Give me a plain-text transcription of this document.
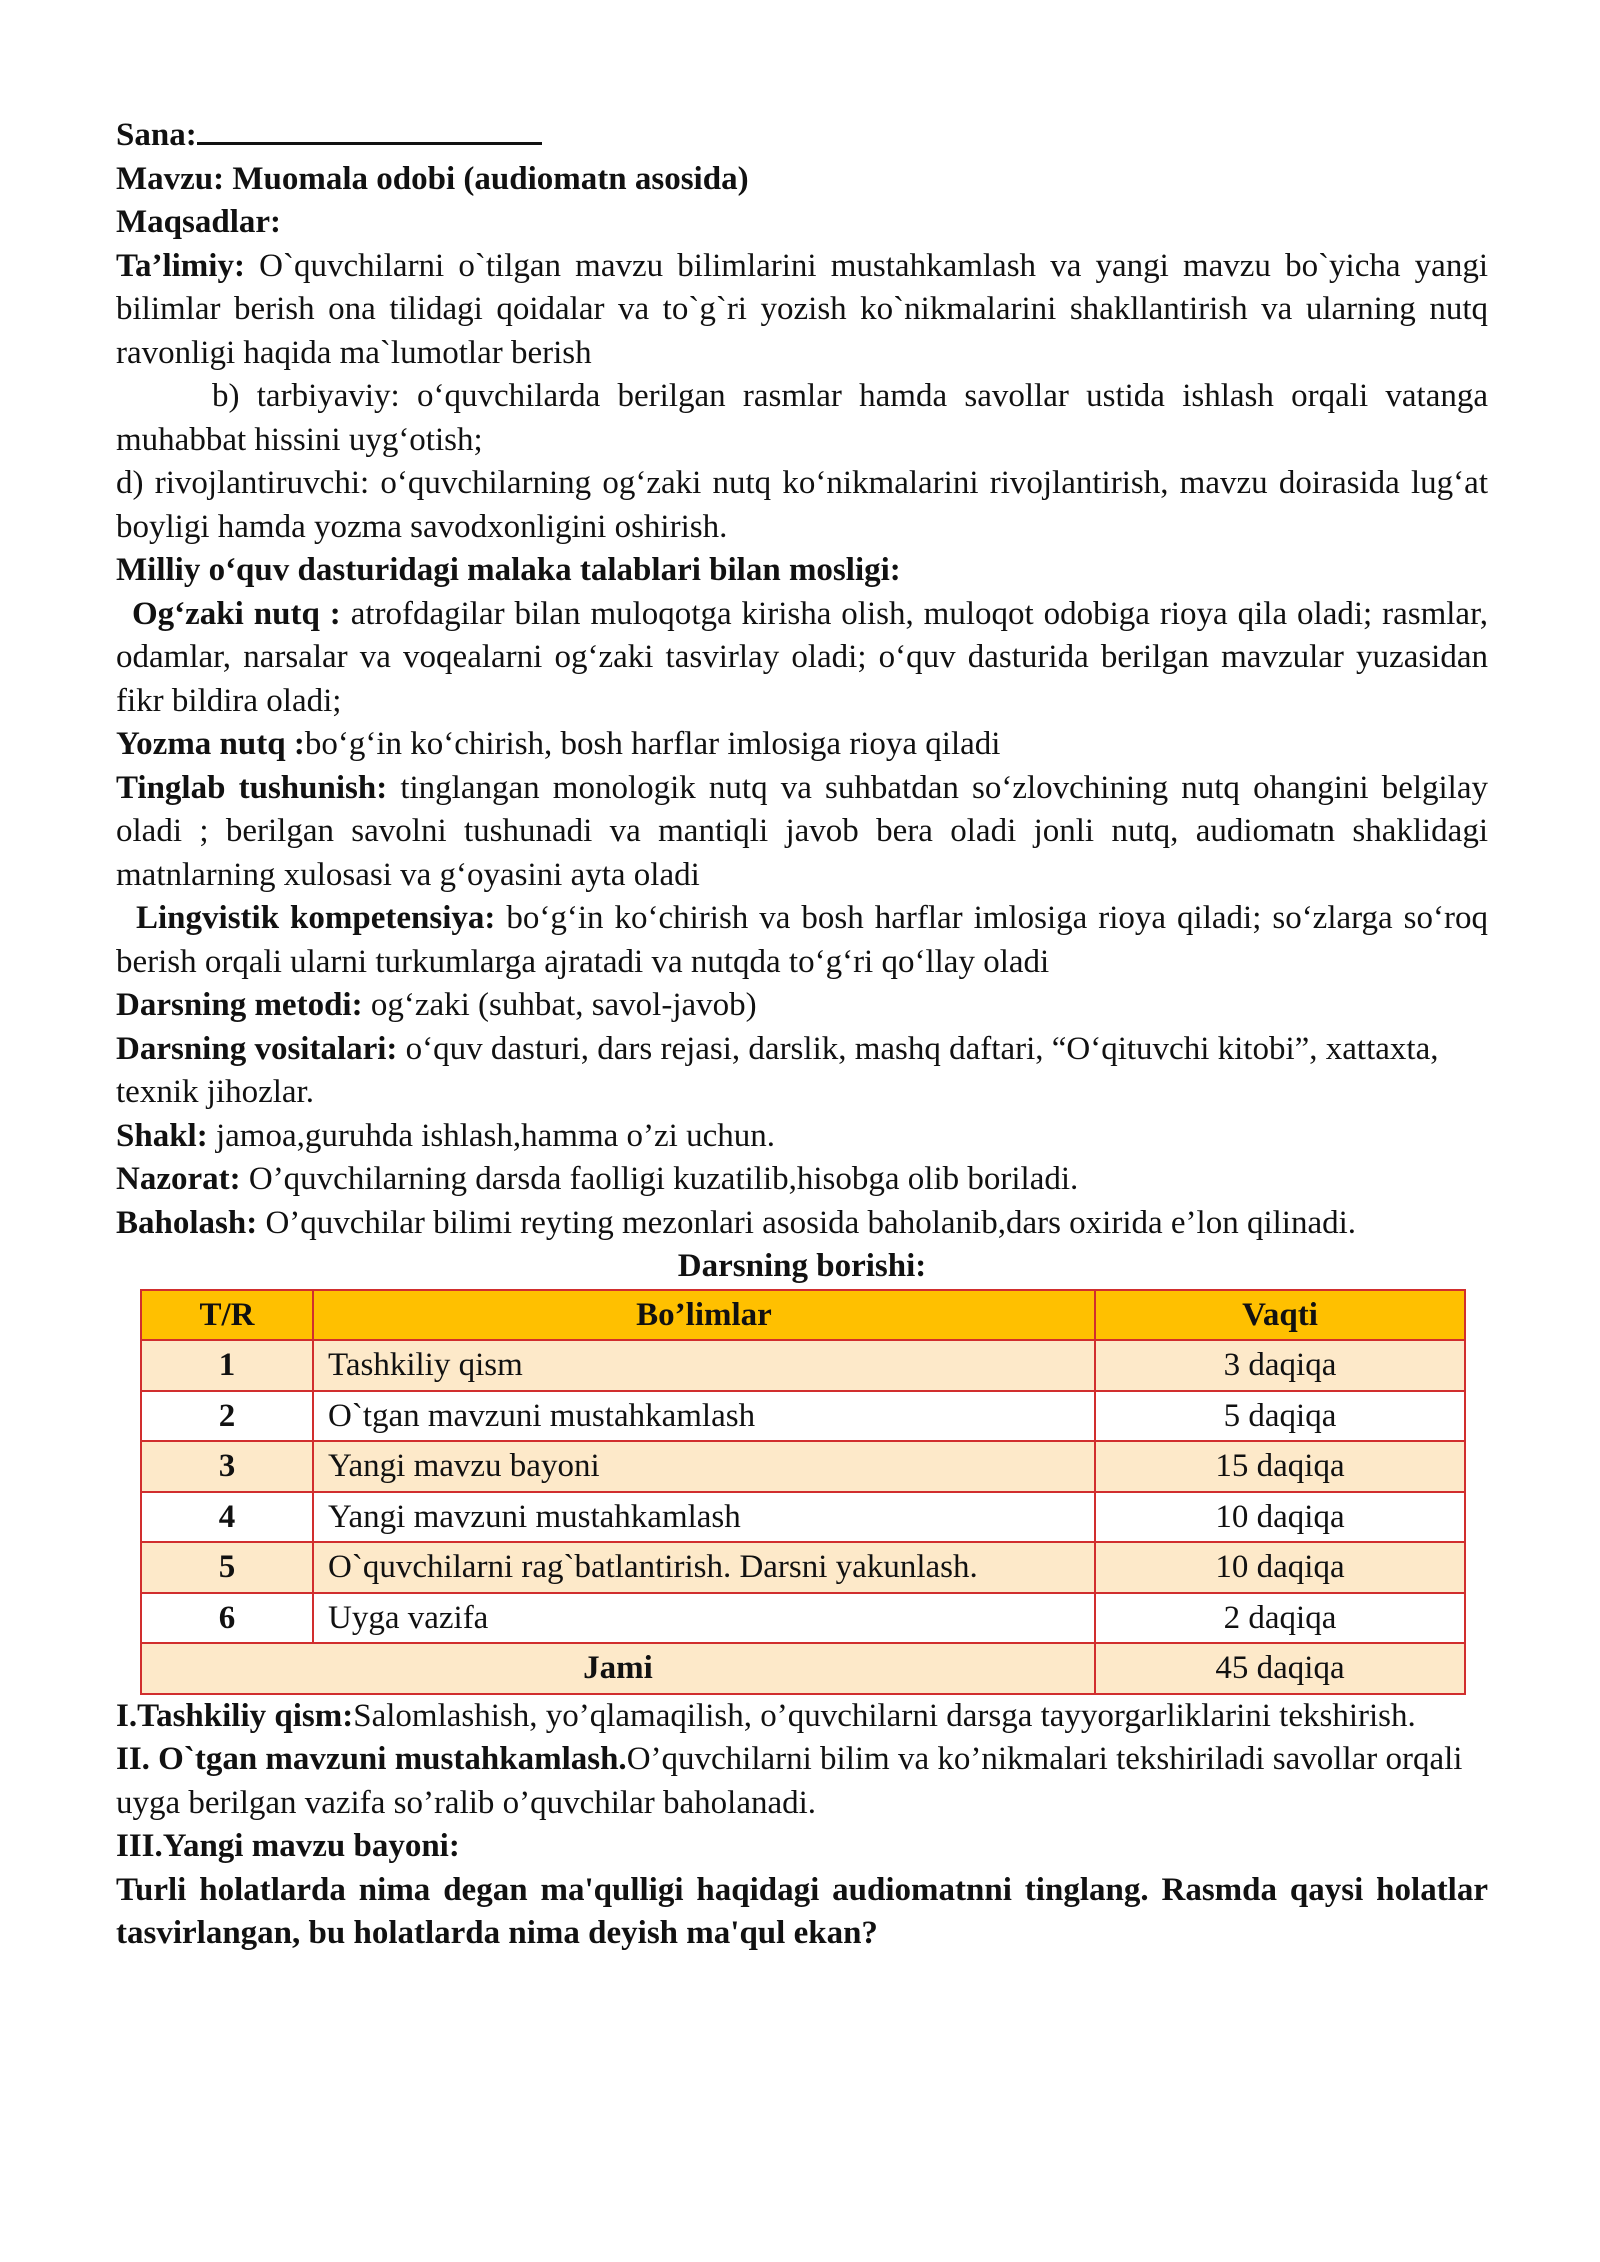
Sana:

Mavzu: Muomala odobi (audiomatn asosida)

Maqsadlar:

Ta’limiy: O`quvchilarni o`tilgan mavzu bilimlarini mustahkamlash va yangi mavzu bo`yicha yangi bilimlar berish ona tilidagi qoidalar va to`g`ri yozish ko`nikmalarini shakllantirish va ularning nutq ravonligi haqida ma`lumotlar berish

b) tarbiyaviy: o‘quvchilarda berilgan rasmlar hamda savollar ustida ishlash orqali vatanga muhabbat hissini uyg‘otish;

d) rivojlantiruvchi: o‘quvchilarning og‘zaki nutq ko‘nikmalarini rivojlantirish, mavzu doirasida lug‘at boyligi hamda yozma savodxonligini oshirish.

Milliy o‘quv dasturidagi malaka talablari bilan mosligi:

Og‘zaki nutq : atrofdagilar bilan muloqotga kirisha olish, muloqot odobiga rioya qila oladi; rasmlar, odamlar, narsalar va voqealarni og‘zaki tasvirlay oladi; o‘quv dasturida berilgan mavzular yuzasidan fikr bildira oladi;

Yozma nutq :bo‘g‘in ko‘chirish, bosh harflar imlosiga rioya qiladi

Tinglab tushunish: tinglangan monologik nutq va suhbatdan so‘zlovchining nutq ohangini belgilay oladi ; berilgan savolni tushunadi va mantiqli javob bera oladi jonli nutq, audiomatn shaklidagi matnlarning xulosasi va g‘oyasini ayta oladi

Lingvistik kompetensiya: bo‘g‘in ko‘chirish va bosh harflar imlosiga rioya qiladi; so‘zlarga so‘roq berish orqali ularni turkumlarga ajratadi va nutqda to‘g‘ri qo‘llay oladi

Darsning metodi: og‘zaki (suhbat, savol-javob)

Darsning vositalari: o‘quv dasturi, dars rejasi, darslik, mashq daftari, “O‘qituvchi kitobi”, xattaxta, texnik jihozlar.

Shakl: jamoa,guruhda ishlash,hamma o’zi uchun.

Nazorat: O’quvchilarning darsda faolligi kuzatilib,hisobga olib boriladi.

Baholash: O’quvchilar bilimi reyting mezonlari asosida baholanib,dars oxirida e’lon qilinadi.

Darsning borishi:

T/R	Bo’limlar	Vaqti
1	Tashkiliy qism	3 daqiqa
2	O`tgan mavzuni mustahkamlash	5 daqiqa
3	Yangi mavzu bayoni	15 daqiqa
4	Yangi mavzuni mustahkamlash	10 daqiqa
5	O`quvchilarni rag`batlantirish. Darsni yakunlash.	10 daqiqa
6	Uyga vazifa	2 daqiqa
Jami		45 daqiqa

I.Tashkiliy qism:Salomlashish, yo’qlamaqilish, o’quvchilarni darsga tayyorgarliklarini tekshirish.

II. O`tgan mavzuni mustahkamlash.O’quvchilarni bilim va ko’nikmalari tekshiriladi savollar orqali uyga berilgan vazifa so’ralib o’quvchilar baholanadi.

III.Yangi mavzu bayoni:

Turli holatlarda nima degan ma'qulligi haqidagi audiomatnni tinglang. Rasmda qaysi holatlar tasvirlangan, bu holatlarda nima deyish ma'qul ekan?
